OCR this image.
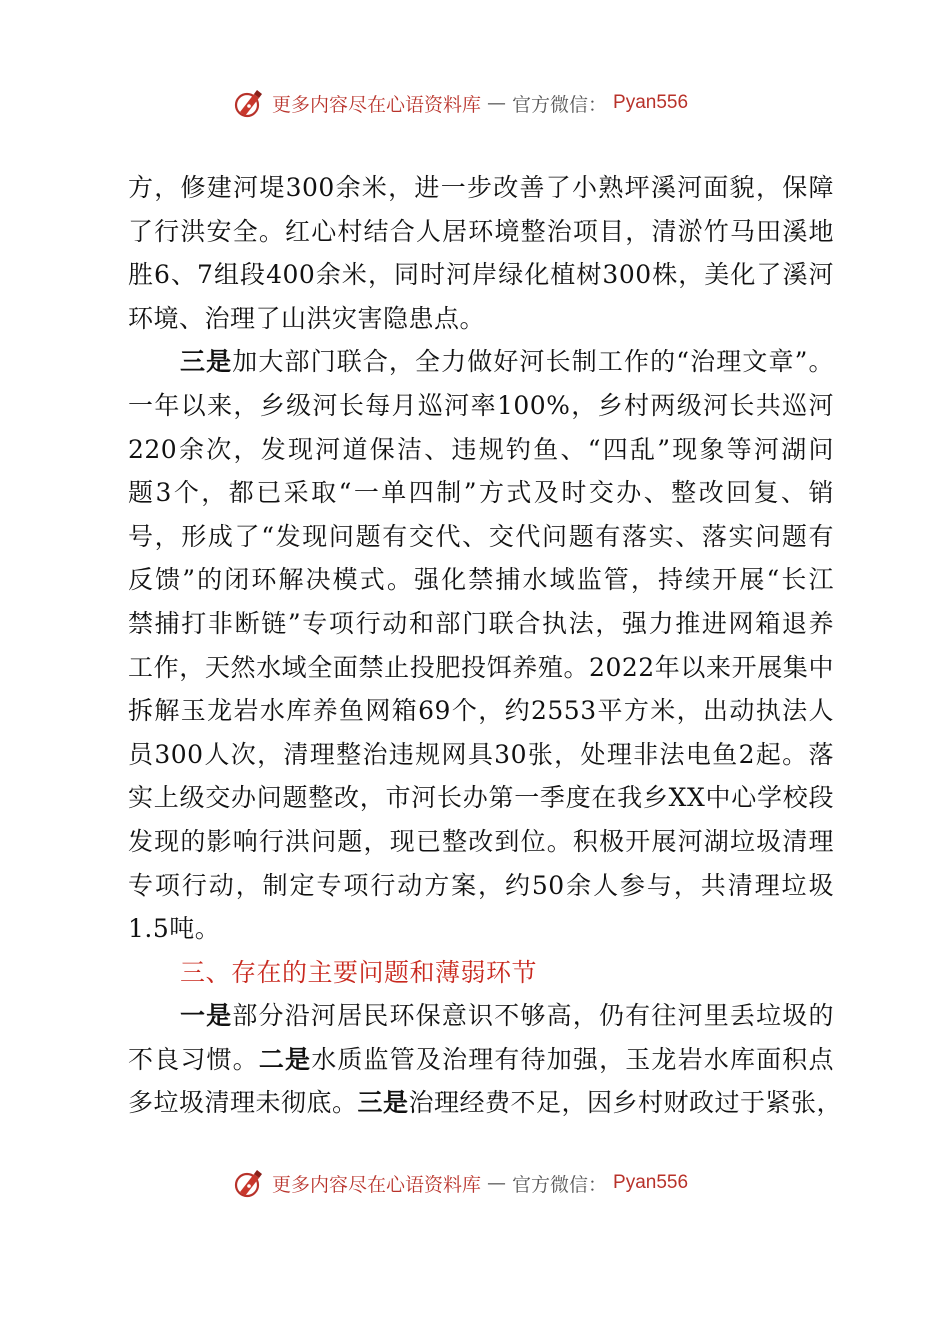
更多内容尽在心语资料库 — 官方微信： Pyan556
方，修建河堤300余米，进一步改善了小熟坪溪河面貌，保障
了行洪安全。红心村结合人居环境整治项目，清淤竹马田溪地
胜6、7组段400余米，同时河岸绿化植树300株，美化了溪河
环境、治理了山洪灾害隐患点。
三是加大部门联合，全力做好河长制工作的“治理文章”。
一年以来，乡级河长每月巡河率100%，乡村两级河长共巡河
220余次，发现河道保洁、违规钓鱼、“四乱”现象等河湖问
题3个，都已采取“一单四制”方式及时交办、整改回复、销
号，形成了“发现问题有交代、交代问题有落实、落实问题有
反馈”的闭环解决模式。强化禁捕水域监管，持续开展“长江
禁捕打非断链”专项行动和部门联合执法，强力推进网箱退养
工作，天然水域全面禁止投肥投饵养殖。2022年以来开展集中
拆解玉龙岩水库养鱼网箱69个，约2553平方米，出动执法人
员300人次，清理整治违规网具30张，处理非法电鱼2起。落
实上级交办问题整改，市河长办第一季度在我乡XX中心学校段
发现的影响行洪问题，现已整改到位。积极开展河湖垃圾清理
专项行动，制定专项行动方案，约50余人参与，共清理垃圾
1.5吨。
三、存在的主要问题和薄弱环节
一是部分沿河居民环保意识不够高，仍有往河里丢垃圾的
不良习惯。二是水质监管及治理有待加强，玉龙岩水库面积点
多垃圾清理未彻底。三是治理经费不足，因乡村财政过于紧张，
更多内容尽在心语资料库 — 官方微信： Pyan556
